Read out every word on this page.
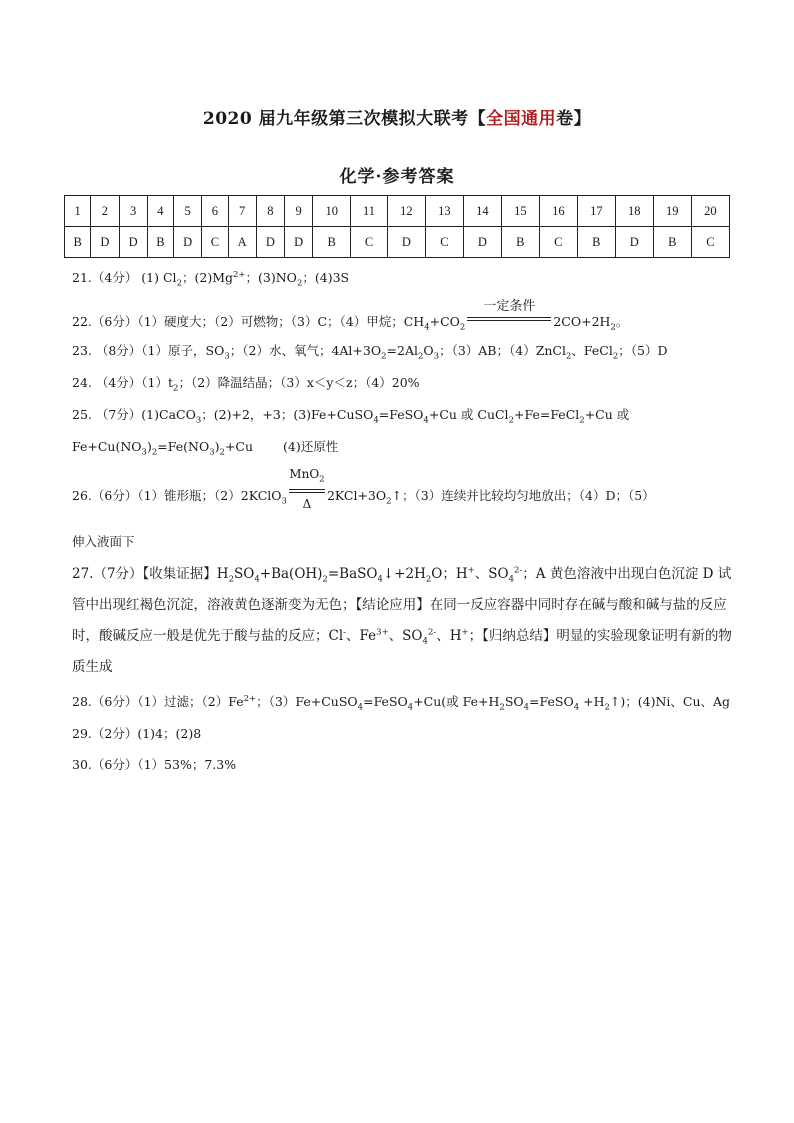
2020 届九年级第三次模拟大联考【全国通用卷】
化学·参考答案
1	2	3	4	5	6	7	8	9	10	11	12	13	14	15	16	17	18	19	20
B	D	D	B	D	C	A	D	D	B	C	D	C	D	B	C	B	D	B	C
21.（4分） (1) $Cl_2$；$(2)Mg^{2+}$；$(3)NO_2$；(4)3S
22.（6分）（1）硬度大；（2）可燃物；（3）C；（4）甲烷；$CH_4+CO_2$
一定条件
$2CO+2H_2$。
23. （8分）（1）原子，$SO_3$；（2）水、氧气；$4Al+3O_2=2Al_2O_3$；（3）AB；（4）ZnCl$_2$、FeCl$_2$；（5）D
24. （4分）$(1)t_2$；（2）降温结晶；（3）x＜y＜z；（4）20%
25. （7分）(1)CaCO$_3$；(2)+2，+3；(3)Fe+CuSO$_4$=FeSO$_4$+Cu 或 CuCl$_2$+Fe=FeCl$_2$+Cu 或
$Fe+Cu(NO_3)_2=Fe(NO_3)_2+Cu$ (4)还原性
26.（6分）（1）锥形瓶；（2）2KClO$_3$
MnO$_2$
Δ
$2KCl+3O_2↑$；（3）连续并比较均匀地放出；（4）D；（5）
伸入液面下
27.（7分）【收集证据】$H_2SO_4+Ba(OH)_2=BaSO_4↓+2H_2O$；H+、$SO_4^{2-}$；A 黄色溶液中出现白色沉淀 D 试管中出现红褐色沉淀，溶液黄色逐渐变为无色；【结论应用】在同一反应容器中同时存在碱与酸和碱与盐的反应时，酸碱反应一般是优先于酸与盐的反应；Cl-、$Fe^{3+}$、$SO_4^{2-}$、H+；【归纳总结】明显的实验现象证明有新的物质生成
28.（6分）（1）过滤；$(2)Fe^{2+}$；（3）Fe+CuSO$_4$=FeSO$_4$+Cu(或 $Fe+H_2SO_4=FeSO_4$ $+H_2↑$)；(4)Ni、Cu、Ag
29.（2分）(1)4；(2)8
30.（6分）（1）53%；7.3%
